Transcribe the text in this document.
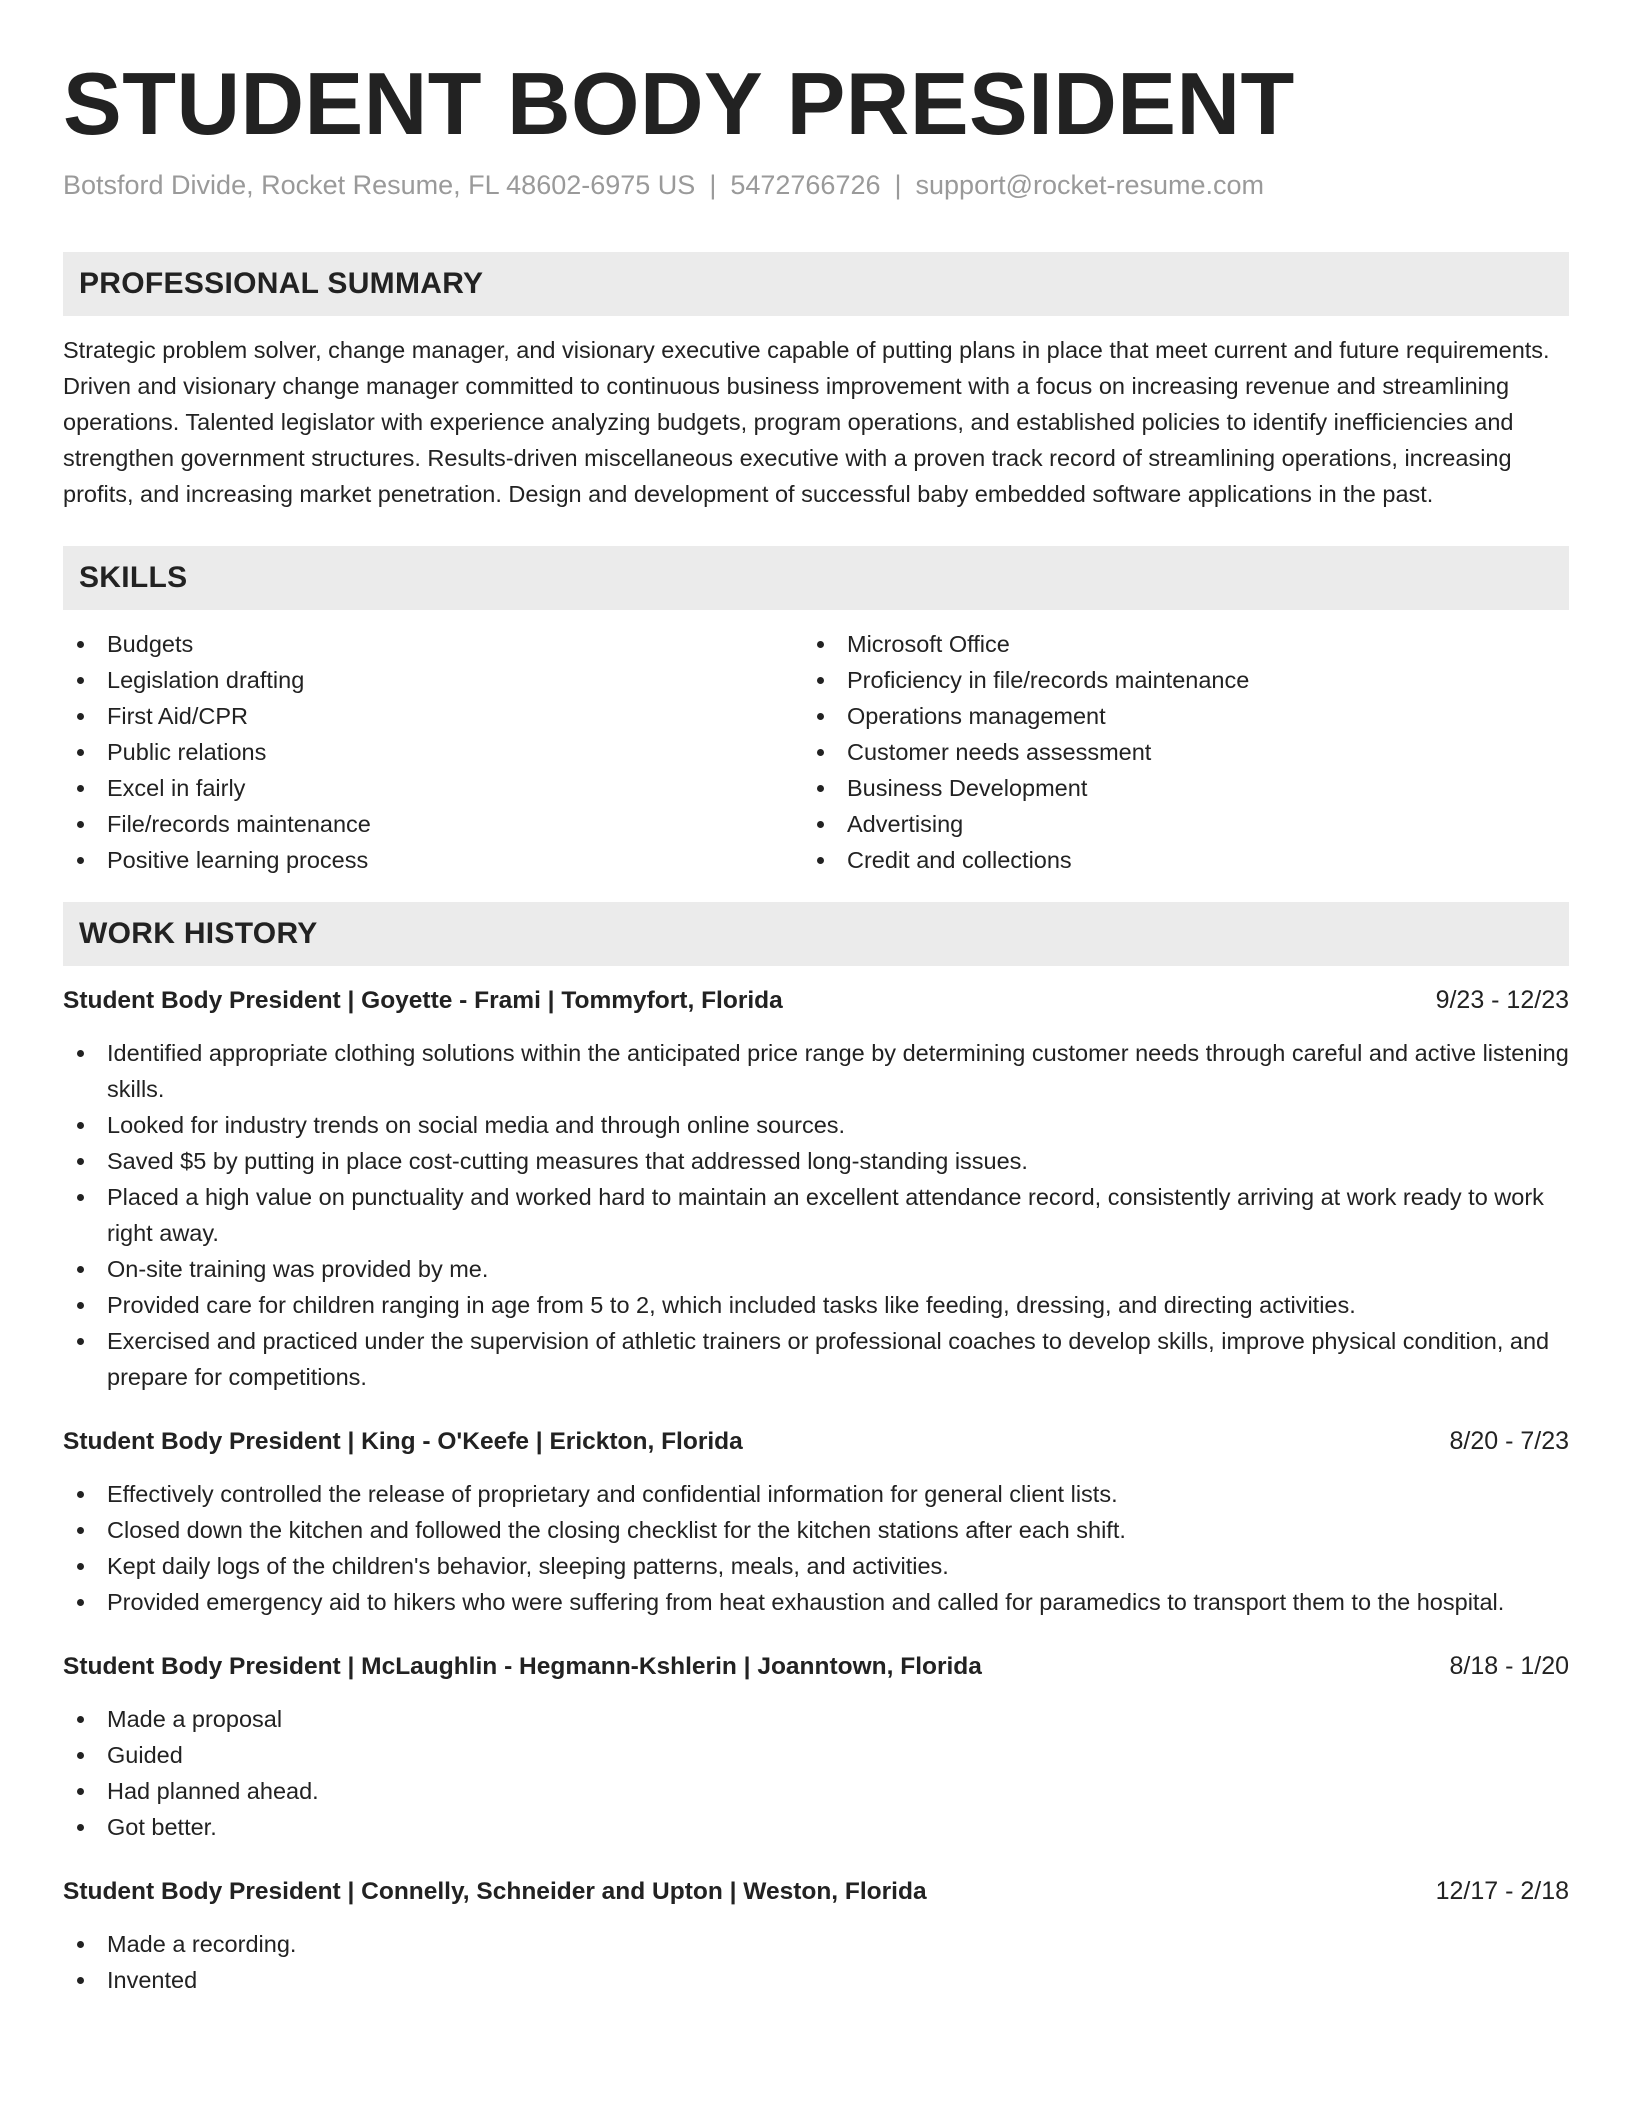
STUDENT BODY PRESIDENT
Botsford Divide, Rocket Resume, FL 48602-6975 US | 5472766726 | support@rocket-resume.com
PROFESSIONAL SUMMARY

Strategic problem solver, change manager, and visionary executive capable of putting plans in place that meet current and future requirements. Driven and visionary change manager committed to continuous business improvement with a focus on increasing revenue and streamlining operations. Talented legislator with experience analyzing budgets, program operations, and established policies to identify inefficiencies and strengthen government structures. Results-driven miscellaneous executive with a proven track record of streamlining operations, increasing profits, and increasing market penetration. Design and development of successful baby embedded software applications in the past.

SKILLS
Budgets
Legislation drafting
First Aid/CPR
Public relations
Excel in fairly
File/records maintenance
Positive learning process
Microsoft Office
Proficiency in file/records maintenance
Operations management
Customer needs assessment
Business Development
Advertising
Credit and collections
WORK HISTORY
Student Body President | Goyette - Frami | Tommyfort, Florida	9/23 - 12/23
Identified appropriate clothing solutions within the anticipated price range by determining customer needs through careful and active listening skills.
Looked for industry trends on social media and through online sources.
Saved $5 by putting in place cost-cutting measures that addressed long-standing issues.
Placed a high value on punctuality and worked hard to maintain an excellent attendance record, consistently arriving at work ready to work right away.
On-site training was provided by me.
Provided care for children ranging in age from 5 to 2, which included tasks like feeding, dressing, and directing activities.
Exercised and practiced under the supervision of athletic trainers or professional coaches to develop skills, improve physical condition, and prepare for competitions.
Student Body President | King - O'Keefe | Erickton, Florida	8/20 - 7/23
Effectively controlled the release of proprietary and confidential information for general client lists.
Closed down the kitchen and followed the closing checklist for the kitchen stations after each shift.
Kept daily logs of the children's behavior, sleeping patterns, meals, and activities.
Provided emergency aid to hikers who were suffering from heat exhaustion and called for paramedics to transport them to the hospital.
Student Body President | McLaughlin - Hegmann-Kshlerin | Joanntown, Florida	8/18 - 1/20
Made a proposal
Guided
Had planned ahead.
Got better.
Student Body President | Connelly, Schneider and Upton | Weston, Florida	12/17 - 2/18
Made a recording.
Invented
